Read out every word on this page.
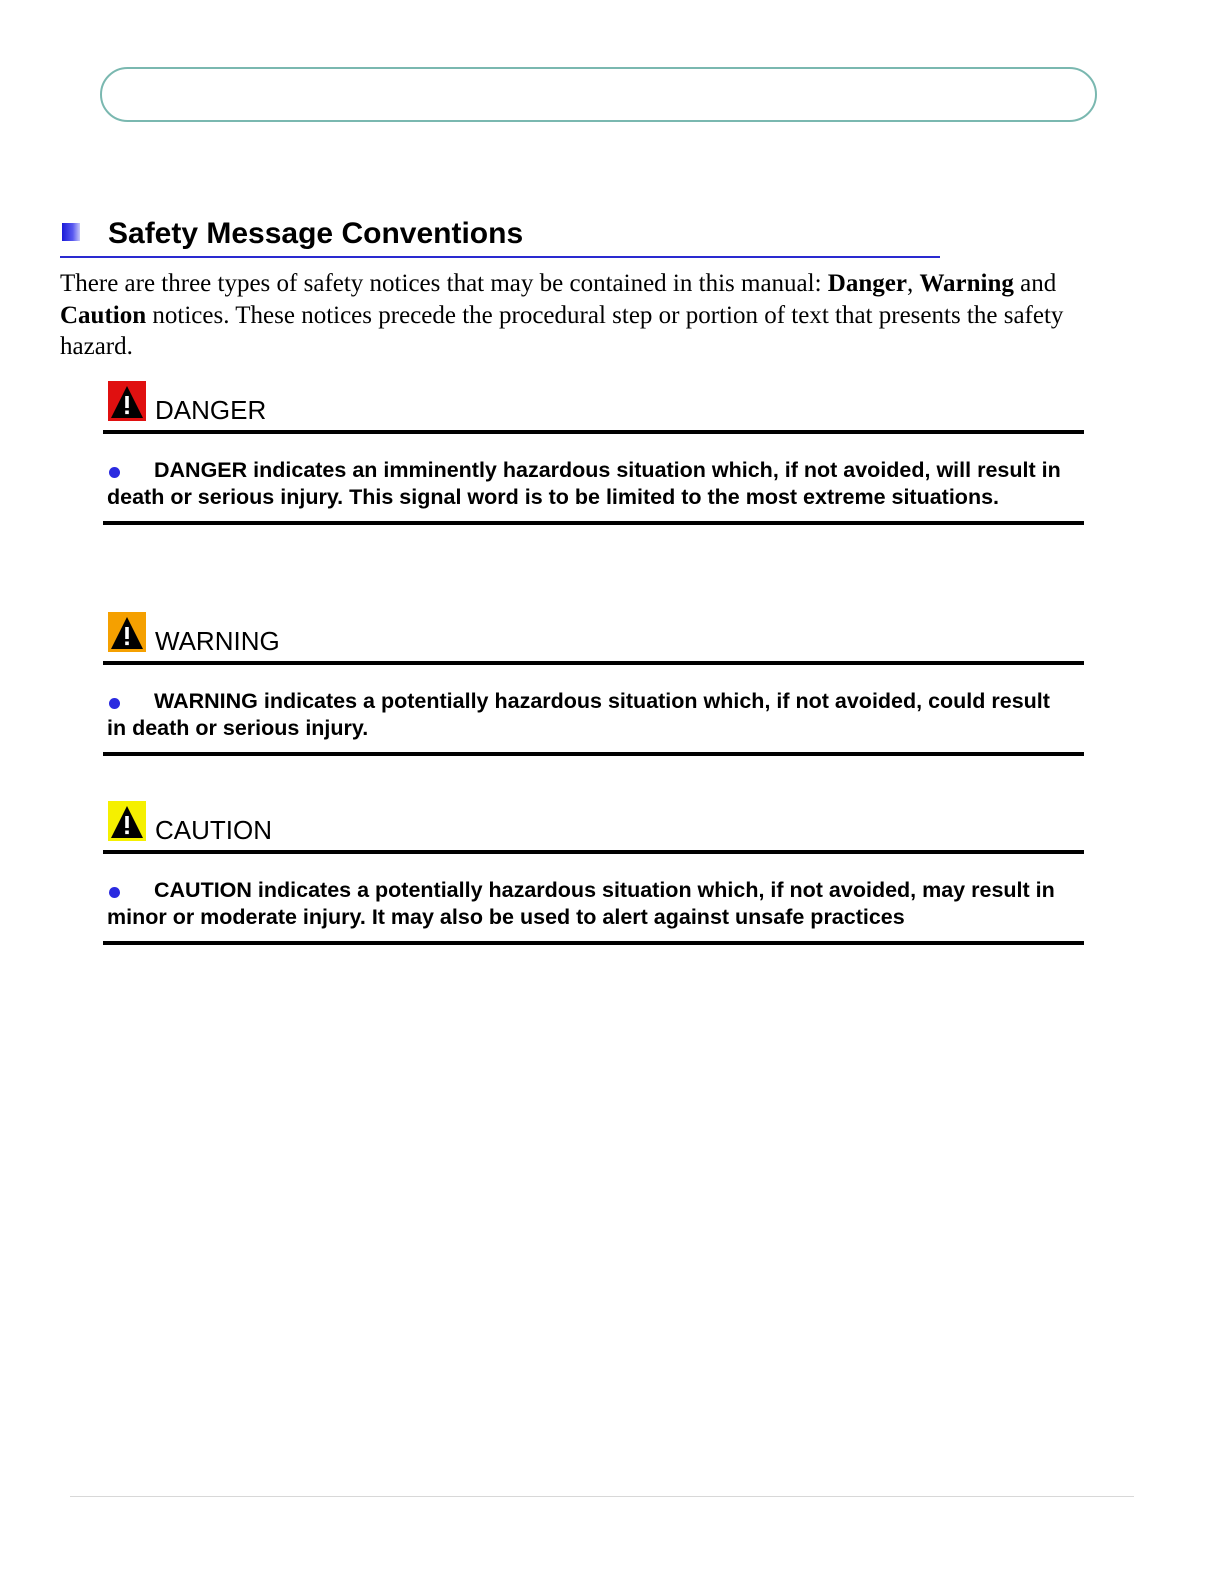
Safety Message Conventions

There are three types of safety notices that may be contained in this manual: Danger, Warning and Caution notices. These notices precede the procedural step or portion of text that presents the safety hazard.

DANGER

DANGER indicates an imminently hazardous situation which, if not avoided, will result in death or serious injury. This signal word is to be limited to the most extreme situations.

WARNING

WARNING indicates a potentially hazardous situation which, if not avoided, could result in death or serious injury.

CAUTION

CAUTION indicates a potentially hazardous situation which, if not avoided, may result in minor or moderate injury. It may also be used to alert against unsafe practices
